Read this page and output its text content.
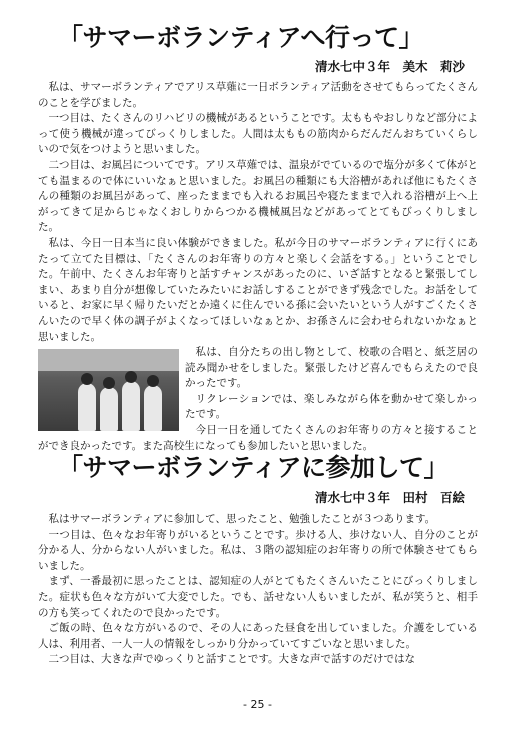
「サマーボランティアへ行って」
清水七中３年　美木　莉沙

私は、サマーボランティアでアリス草薙に一日ボランティア活動をさせてもらってたくさんのことを学びました。

一つ目は、たくさんのリハビリの機械があるということです。太ももやおしりなど部分によって使う機械が違ってびっくりしました。人間は太ももの筋肉からだんだんおちていくらしいので気をつけようと思いました。

二つ目は、お風呂についてです。アリス草薙では、温泉がでているので塩分が多くて体がとても温まるので体にいいなぁと思いました。お風呂の種類にも大浴槽があれば他にもたくさんの種類のお風呂があって、座ったままでも入れるお風呂や寝たままで入れる浴槽が上へ上がってきて足からじゃなくおしりからつかる機械風呂などがあってとてもびっくりしました。

私は、今日一日本当に良い体験ができました。私が今日のサマーボランティアに行くにあたって立てた目標は、「たくさんのお年寄りの方々と楽しく会話をする。」ということでした。午前中、たくさんお年寄りと話すチャンスがあったのに、いざ話すとなると緊張してしまい、あまり自分が想像していたみたいにお話しすることができず残念でした。お話をしていると、お家に早く帰りたいだとか遠くに住んでいる孫に会いたいという人がすごくたくさんいたので早く体の調子がよくなってほしいなぁとか、お孫さんに会わせられないかなぁと思いました。

私は、自分たちの出し物として、校歌の合唱と、紙芝居の読み聞かせをしました。緊張したけど喜んでもらえたので良かったです。

リクレーションでは、楽しみながら体を動かせて楽しかったです。

今日一日を通してたくさんのお年寄りの方々と接することができ良かったです。また高校生になっても参加したいと思いました。

「サマーボランティアに参加して」
清水七中３年　田村　百絵

私はサマーボランティアに参加して、思ったこと、勉強したことが３つあります。

一つ目は、色々なお年寄りがいるということです。歩ける人、歩けない人、自分のことが分かる人、分からない人がいました。私は、３階の認知症のお年寄りの所で体験させてもらいました。

まず、一番最初に思ったことは、認知症の人がとてもたくさんいたことにびっくりしました。症状も色々な方がいて大変でした。でも、話せない人もいましたが、私が笑うと、相手の方も笑ってくれたので良かったです。

ご飯の時、色々な方がいるので、その人にあった昼食を出していました。介護をしている人は、利用者、一人一人の情報をしっかり分かっていてすごいなと思いました。

二つ目は、大きな声でゆっくりと話すことです。大きな声で話すのだけではな

- 25 -
